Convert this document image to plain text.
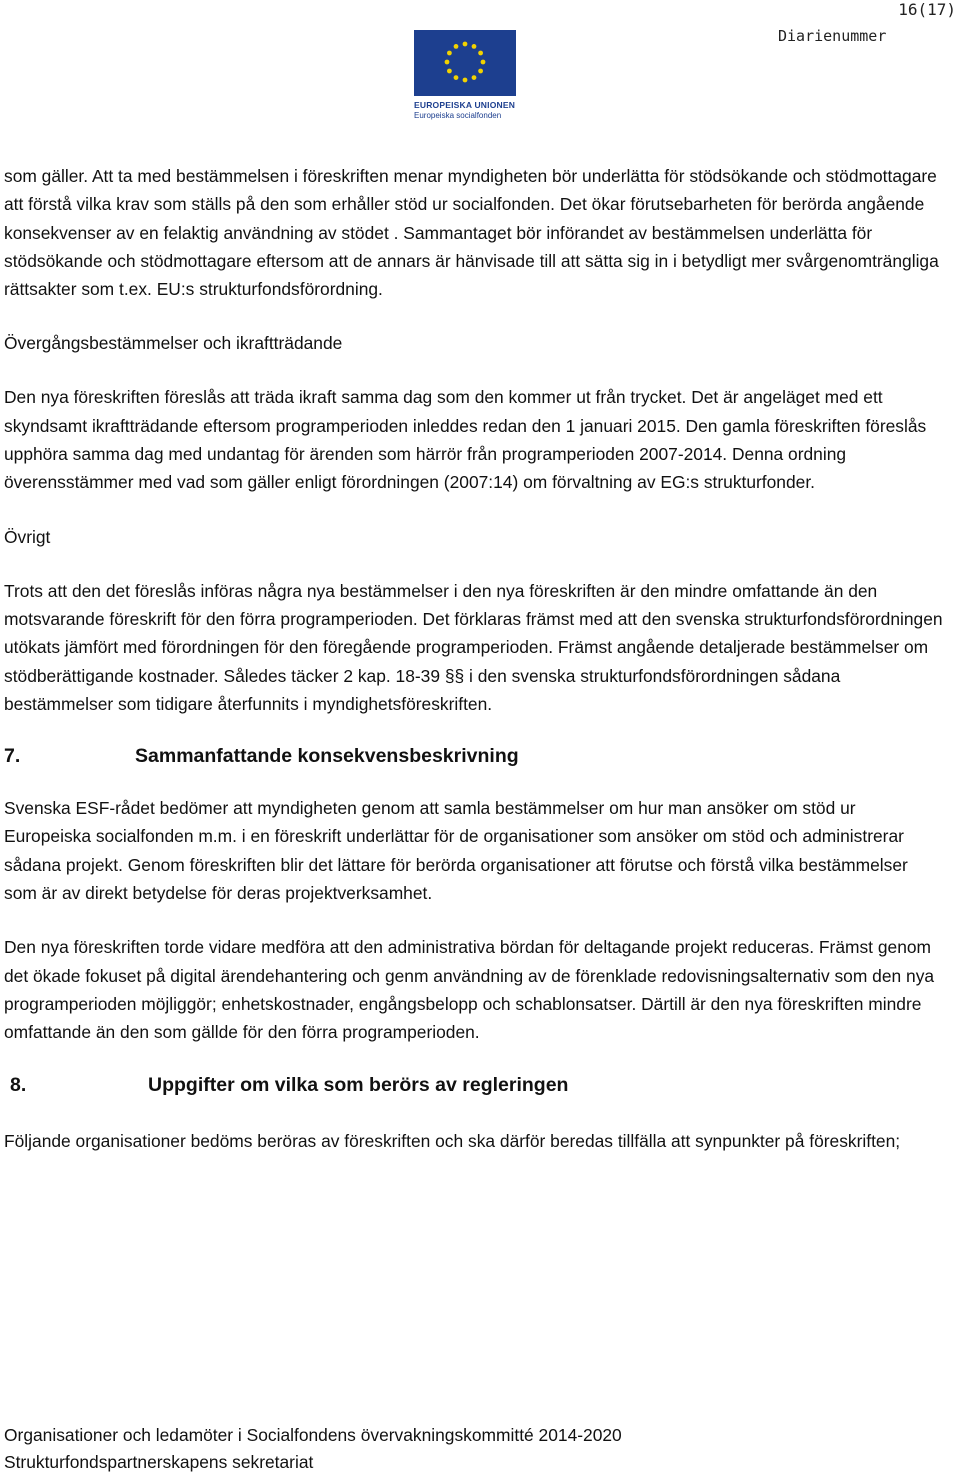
16(17)
Diarienummer
EUROPEISKA UNIONEN
Europeiska socialfonden

som gäller. Att ta med bestämmelsen i föreskriften menar myndigheten bör underlätta för stödsökande och stödmottagare att förstå vilka krav som ställs på den som erhåller stöd ur socialfonden. Det ökar förutsebarheten för berörda angående konsekvenser av en felaktig användning av stödet . Sammantaget bör införandet av bestämmelsen underlätta för stödsökande och stödmottagare eftersom att de annars är hänvisade till att sätta sig in i betydligt mer svårgenomträngliga rättsakter som t.ex. EU:s strukturfondsförordning.

Övergångsbestämmelser och ikraftträdande

Den nya föreskriften föreslås att träda ikraft samma dag som den kommer ut från trycket. Det är angeläget med ett skyndsamt ikraftträdande eftersom programperioden inleddes redan den 1 januari 2015. Den gamla föreskriften föreslås upphöra samma dag med undantag för ärenden som härrör från programperioden 2007-2014. Denna ordning överensstämmer med vad som gäller enligt förordningen (2007:14) om förvaltning av EG:s strukturfonder.

Övrigt

Trots att den det föreslås införas några nya bestämmelser i den nya föreskriften är den mindre omfattande än den motsvarande föreskrift för den förra programperioden. Det förklaras främst med att den svenska strukturfondsförordningen utökats jämfört med förordningen för den föregående programperioden. Främst angående detaljerade bestämmelser om stödberättigande kostnader. Således täcker 2 kap. 18-39 §§ i den svenska strukturfondsförordningen sådana bestämmelser som tidigare återfunnits i myndighetsföreskriften.

7.	Sammanfattande konsekvensbeskrivning

Svenska ESF-rådet bedömer att myndigheten genom att samla bestämmelser om hur man ansöker om stöd ur Europeiska socialfonden m.m. i en föreskrift underlättar för de organisationer som ansöker om stöd och administrerar sådana projekt. Genom föreskriften blir det lättare för berörda organisationer att förutse och förstå vilka bestämmelser som är av direkt betydelse för deras projektverksamhet.

Den nya föreskriften torde vidare medföra att den administrativa bördan för deltagande projekt reduceras. Främst genom det ökade fokuset på digital ärendehantering och genm användning av de förenklade redovisningsalternativ som den nya programperioden möjliggör; enhetskostnader, engångsbelopp och schablonsatser. Därtill är den nya föreskriften mindre omfattande än den som gällde för den förra programperioden.

8.	Uppgifter om vilka som berörs av regleringen

Följande organisationer bedöms beröras av föreskriften och ska därför beredas tillfälla att synpunkter på föreskriften;

Organisationer och ledamöter i Socialfondens övervakningskommitté 2014-2020
Strukturfondspartnerskapens sekretariat
